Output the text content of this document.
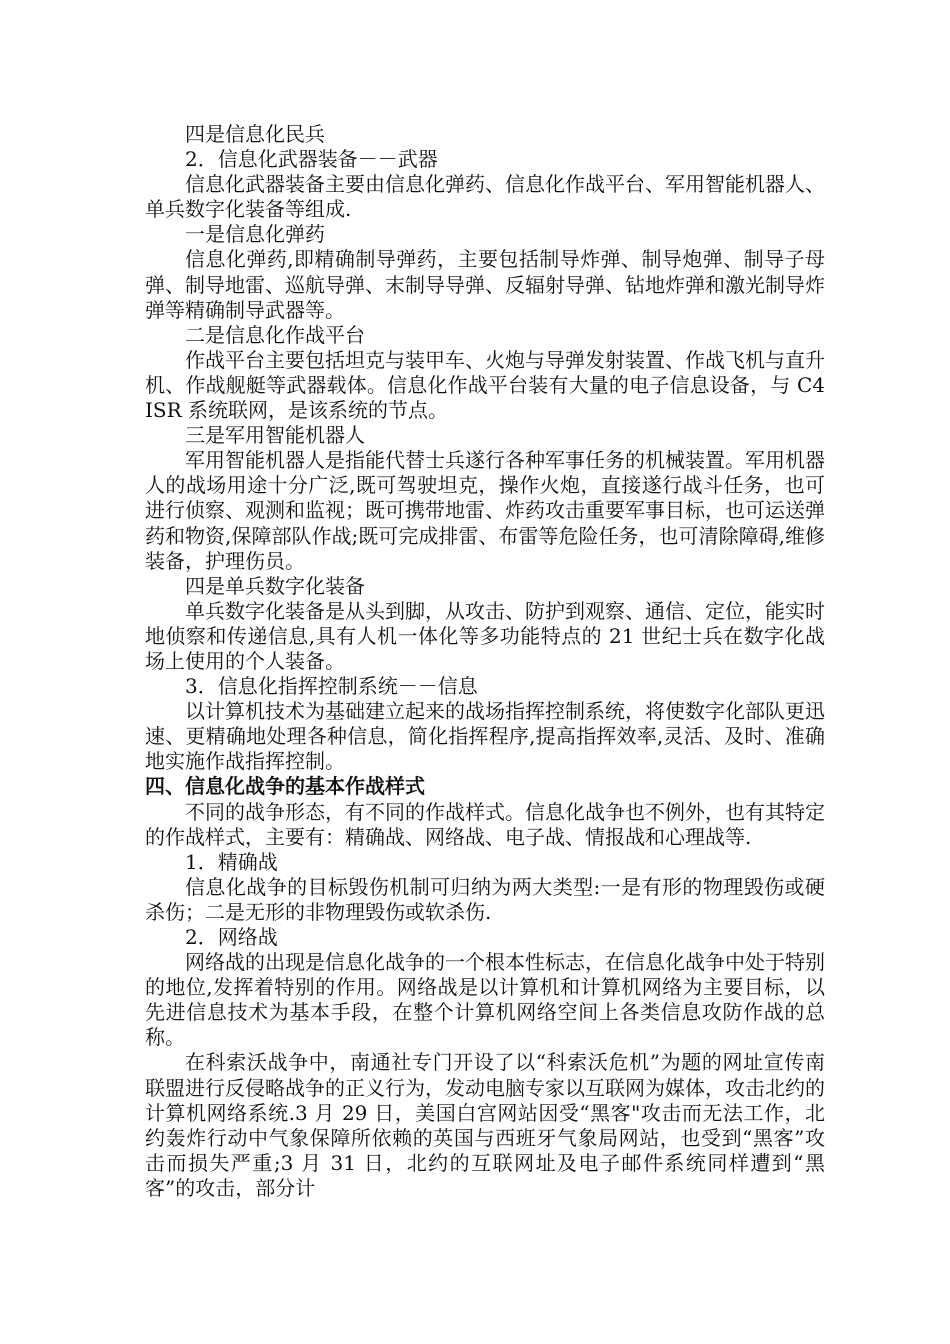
四是信息化民兵

2．信息化武器装备－－武器

信息化武器装备主要由信息化弹药、信息化作战平台、军用智能机器人、单兵数字化装备等组成.

一是信息化弹药

信息化弹药,即精确制导弹药，主要包括制导炸弹、制导炮弹、制导子母弹、制导地雷、巡航导弹、末制导导弹、反辐射导弹、钻地炸弹和激光制导炸弹等精确制导武器等。

二是信息化作战平台

作战平台主要包括坦克与装甲车、火炮与导弹发射装置、作战飞机与直升机、作战舰艇等武器载体。信息化作战平台装有大量的电子信息设备，与 C4ISR 系统联网，是该系统的节点。

三是军用智能机器人

军用智能机器人是指能代替士兵遂行各种军事任务的机械装置。军用机器人的战场用途十分广泛,既可驾驶坦克，操作火炮，直接遂行战斗任务，也可进行侦察、观测和监视；既可携带地雷、炸药攻击重要军事目标，也可运送弹药和物资,保障部队作战;既可完成排雷、布雷等危险任务，也可清除障碍,维修装备，护理伤员。

四是单兵数字化装备

单兵数字化装备是从头到脚，从攻击、防护到观察、通信、定位，能实时地侦察和传递信息,具有人机一体化等多功能特点的 21 世纪士兵在数字化战场上使用的个人装备。

3．信息化指挥控制系统－－信息

以计算机技术为基础建立起来的战场指挥控制系统，将使数字化部队更迅速、更精确地处理各种信息，简化指挥程序,提高指挥效率,灵活、及时、准确地实施作战指挥控制。

四、信息化战争的基本作战样式

不同的战争形态，有不同的作战样式。信息化战争也不例外，也有其特定的作战样式，主要有：精确战、网络战、电子战、情报战和心理战等.

1．精确战

信息化战争的目标毁伤机制可归纳为两大类型:一是有形的物理毁伤或硬杀伤；二是无形的非物理毁伤或软杀伤.

2．网络战

网络战的出现是信息化战争的一个根本性标志，在信息化战争中处于特别的地位,发挥着特别的作用。网络战是以计算机和计算机网络为主要目标，以先进信息技术为基本手段，在整个计算机网络空间上各类信息攻防作战的总称。

在科索沃战争中，南通社专门开设了以“科索沃危机”为题的网址宣传南联盟进行反侵略战争的正义行为，发动电脑专家以互联网为媒体，攻击北约的计算机网络系统.3 月 29 日，美国白宫网站因受“黑客"攻击而无法工作，北约轰炸行动中气象保障所依赖的英国与西班牙气象局网站，也受到“黑客”攻击而损失严重;3 月 31 日，北约的互联网址及电子邮件系统同样遭到“黑客”的攻击，部分计
